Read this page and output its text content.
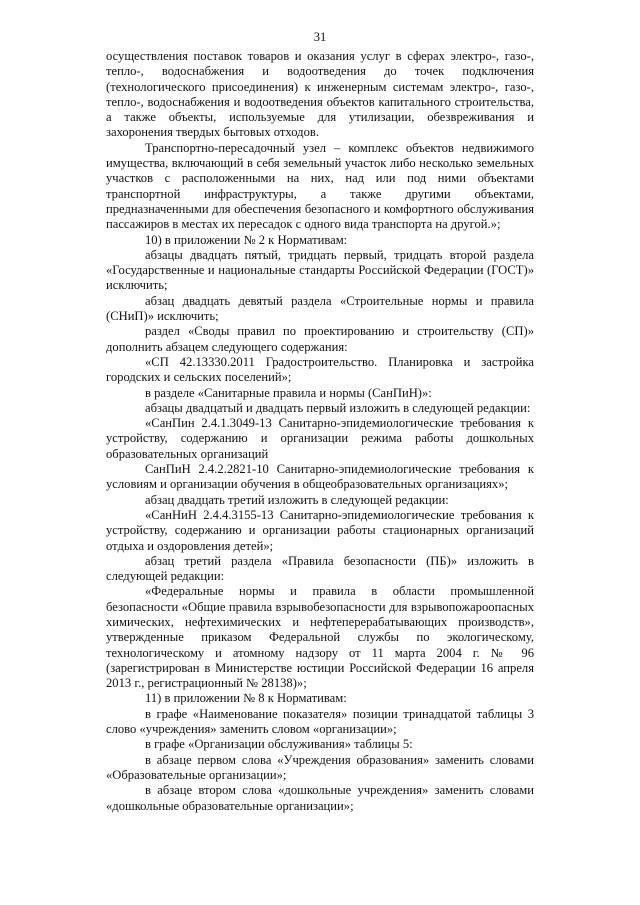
31

осуществления поставок товаров и оказания услуг в сферах электро-, газо-, тепло-, водоснабжения и водоотведения до точек подключения (технологического присоединения) к инженерным системам электро-, газо-, тепло-, водоснабжения и водоотведения объектов капитального строительства, а также объекты, используемые для утилизации, обезвреживания и захоронения твердых бытовых отходов.

Транспортно-пересадочный узел – комплекс объектов недвижимого имущества, включающий в себя земельный участок либо несколько земельных участков с расположенными на них, над или под ними объектами транспортной инфраструктуры, а также другими объектами, предназначенными для обеспечения безопасного и комфортного обслуживания пассажиров в местах их пересадок с одного вида транспорта на другой.»;

10) в приложении № 2 к Нормативам:

абзацы двадцать пятый, тридцать первый, тридцать второй раздела «Государственные и национальные стандарты Российской Федерации (ГОСТ)» исключить;

абзац двадцать девятый раздела «Строительные нормы и правила (СНиП)» исключить;

раздел «Своды правил по проектированию и строительству (СП)» дополнить абзацем следующего содержания:

«СП 42.13330.2011 Градостроительство. Планировка и застройка городских и сельских поселений»;

в разделе «Санитарные правила и нормы (СанПиН)»:

абзацы двадцатый и двадцать первый изложить в следующей редакции:

«СанПин 2.4.1.3049-13 Санитарно-эпидемиологические требования к устройству, содержанию и организации режима работы дошкольных образовательных организаций

СанПиН 2.4.2.2821-10 Санитарно-эпидемиологические требования к условиям и организации обучения в общеобразовательных организациях»;

абзац двадцать третий изложить в следующей редакции:

«СанНиН 2.4.4.3155-13 Санитарно-эпидемиологические требования к устройству, содержанию и организации работы стационарных организаций отдыха и оздоровления детей»;

абзац третий раздела «Правила безопасности (ПБ)» изложить в следующей редакции:

«Федеральные нормы и правила в области промышленной безопасности «Общие правила взрывобезопасности для взрывопожароопасных химических, нефтехимических и нефтеперерабатывающих производств», утвержденные приказом Федеральной службы по экологическому, технологическому и атомному надзору от 11 марта 2004 г. № 96 (зарегистрирован в Министерстве юстиции Российской Федерации 16 апреля 2013 г., регистрационный № 28138)»;

11) в приложении № 8 к Нормативам:

в графе «Наименование показателя» позиции тринадцатой таблицы 3 слово «учреждения» заменить словом «организации»;

в графе «Организации обслуживания» таблицы 5:

в абзаце первом слова «Учреждения образования» заменить словами «Образовательные организации»;

в абзаце втором слова «дошкольные учреждения» заменить словами «дошкольные образовательные организации»;
